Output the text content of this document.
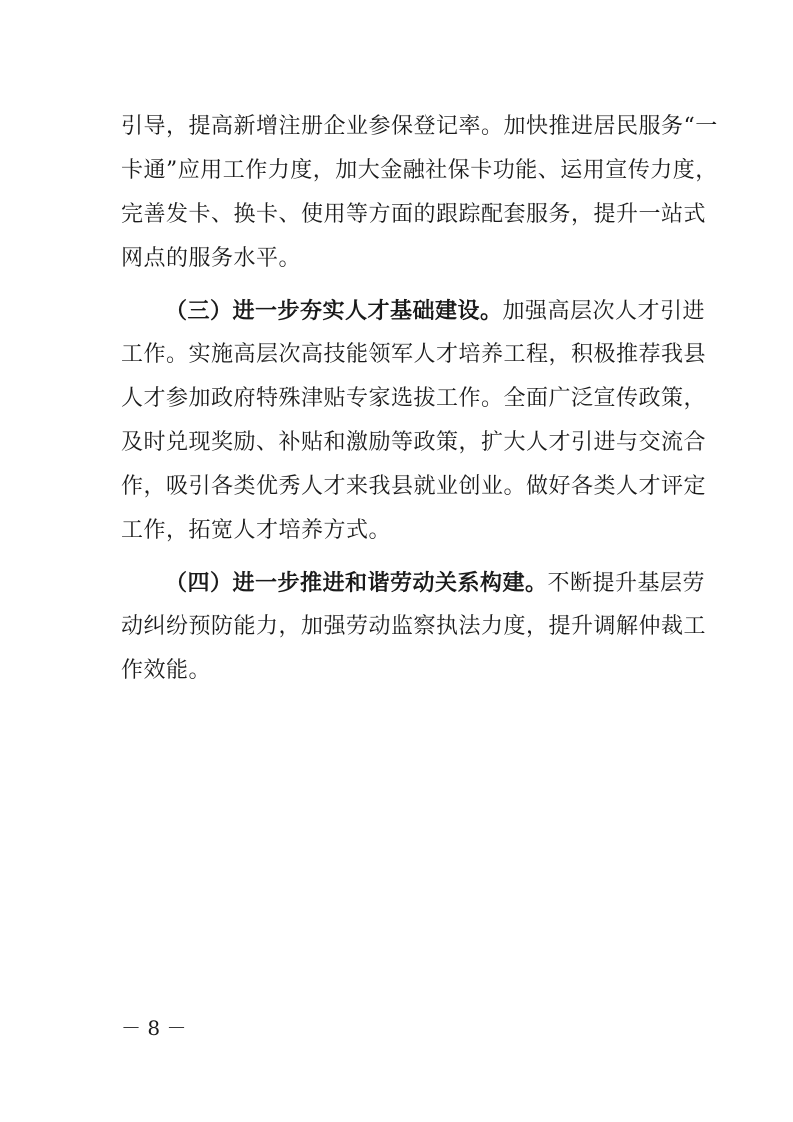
引导，提高新增注册企业参保登记率。加快推进居民服务“一
卡通”应用工作力度，加大金融社保卡功能、运用宣传力度，
完善发卡、换卡、使用等方面的跟踪配套服务，提升一站式
网点的服务水平。
（三）进一步夯实人才基础建设。加强高层次人才引进
工作。实施高层次高技能领军人才培养工程，积极推荐我县
人才参加政府特殊津贴专家选拔工作。全面广泛宣传政策，
及时兑现奖励、补贴和激励等政策，扩大人才引进与交流合
作，吸引各类优秀人才来我县就业创业。做好各类人才评定
工作，拓宽人才培养方式。
（四）进一步推进和谐劳动关系构建。不断提升基层劳
动纠纷预防能力，加强劳动监察执法力度，提升调解仲裁工
作效能。
－ 8 －
